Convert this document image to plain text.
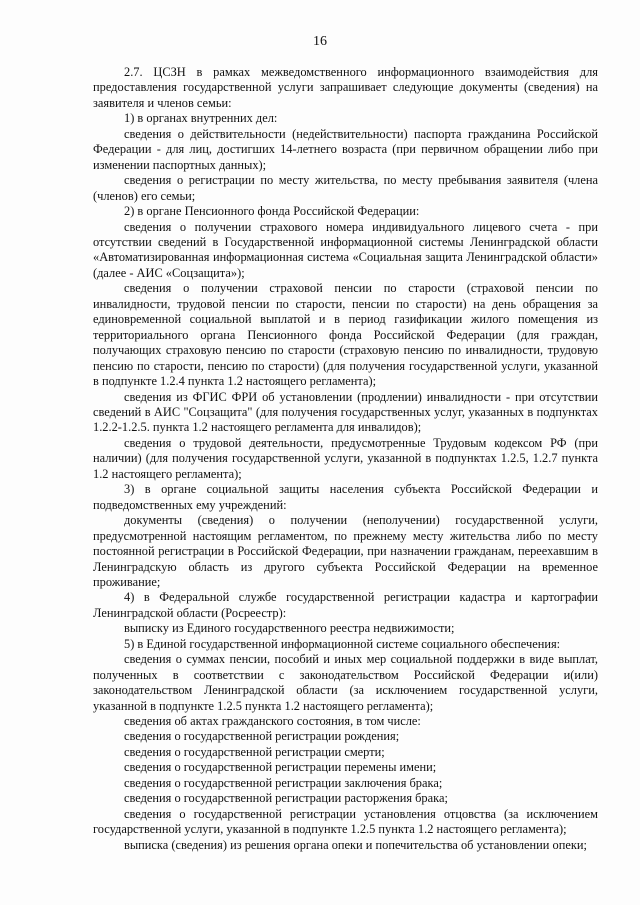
16

2.7. ЦСЗН в рамках межведомственного информационного взаимодействия для предоставления государственной услуги запрашивает следующие документы (сведения) на заявителя и членов семьи:

1) в органах внутренних дел:

сведения о действительности (недействительности) паспорта гражданина Российской Федерации - для лиц, достигших 14-летнего возраста (при первичном обращении либо при изменении паспортных данных);

сведения о регистрации по месту жительства, по месту пребывания заявителя (члена (членов) его семьи;

2) в органе Пенсионного фонда Российской Федерации:

сведения о получении страхового номера индивидуального лицевого счета - при отсутствии сведений в Государственной информационной системы Ленинградской области «Автоматизированная информационная система «Социальная защита Ленинградской области» (далее - АИС «Соцзащита»);

сведения о получении страховой пенсии по старости (страховой пенсии по инвалидности, трудовой пенсии по старости, пенсии по старости) на день обращения за единовременной социальной выплатой и в период газификации жилого помещения из территориального органа Пенсионного фонда Российской Федерации (для граждан, получающих страховую пенсию по старости (страховую пенсию по инвалидности, трудовую пенсию по старости, пенсию по старости) (для получения государственной услуги, указанной в подпункте 1.2.4 пункта 1.2 настоящего регламента);

сведения из ФГИС ФРИ об установлении (продлении) инвалидности - при отсутствии сведений в АИС "Соцзащита" (для получения государственных услуг, указанных в подпунктах 1.2.2-1.2.5. пункта 1.2 настоящего регламента для инвалидов);

сведения о трудовой деятельности, предусмотренные Трудовым кодексом РФ (при наличии) (для получения государственной услуги, указанной в подпунктах 1.2.5, 1.2.7 пункта 1.2 настоящего регламента);

3) в органе социальной защиты населения субъекта Российской Федерации и подведомственных ему учреждений:

документы (сведения) о получении (неполучении) государственной услуги, предусмотренной настоящим регламентом, по прежнему месту жительства либо по месту постоянной регистрации в Российской Федерации, при назначении гражданам, переехавшим в Ленинградскую область из другого субъекта Российской Федерации на временное проживание;

4) в Федеральной службе государственной регистрации кадастра и картографии Ленинградской области (Росреестр):

выписку из Единого государственного реестра недвижимости;

5) в Единой государственной информационной системе социального обеспечения:

сведения о суммах пенсии, пособий и иных мер социальной поддержки в виде выплат, полученных в соответствии с законодательством Российской Федерации и(или) законодательством Ленинградской области (за исключением государственной услуги, указанной в подпункте 1.2.5 пункта 1.2 настоящего регламента);

сведения об актах гражданского состояния, в том числе:

сведения о государственной регистрации рождения;

сведения о государственной регистрации смерти;

сведения о государственной регистрации перемены имени;

сведения о государственной регистрации заключения брака;

сведения о государственной регистрации расторжения брака;

сведения о государственной регистрации установления отцовства (за исключением государственной услуги, указанной в подпункте 1.2.5 пункта 1.2 настоящего регламента);

выписка (сведения) из решения органа опеки и попечительства об установлении опеки;
